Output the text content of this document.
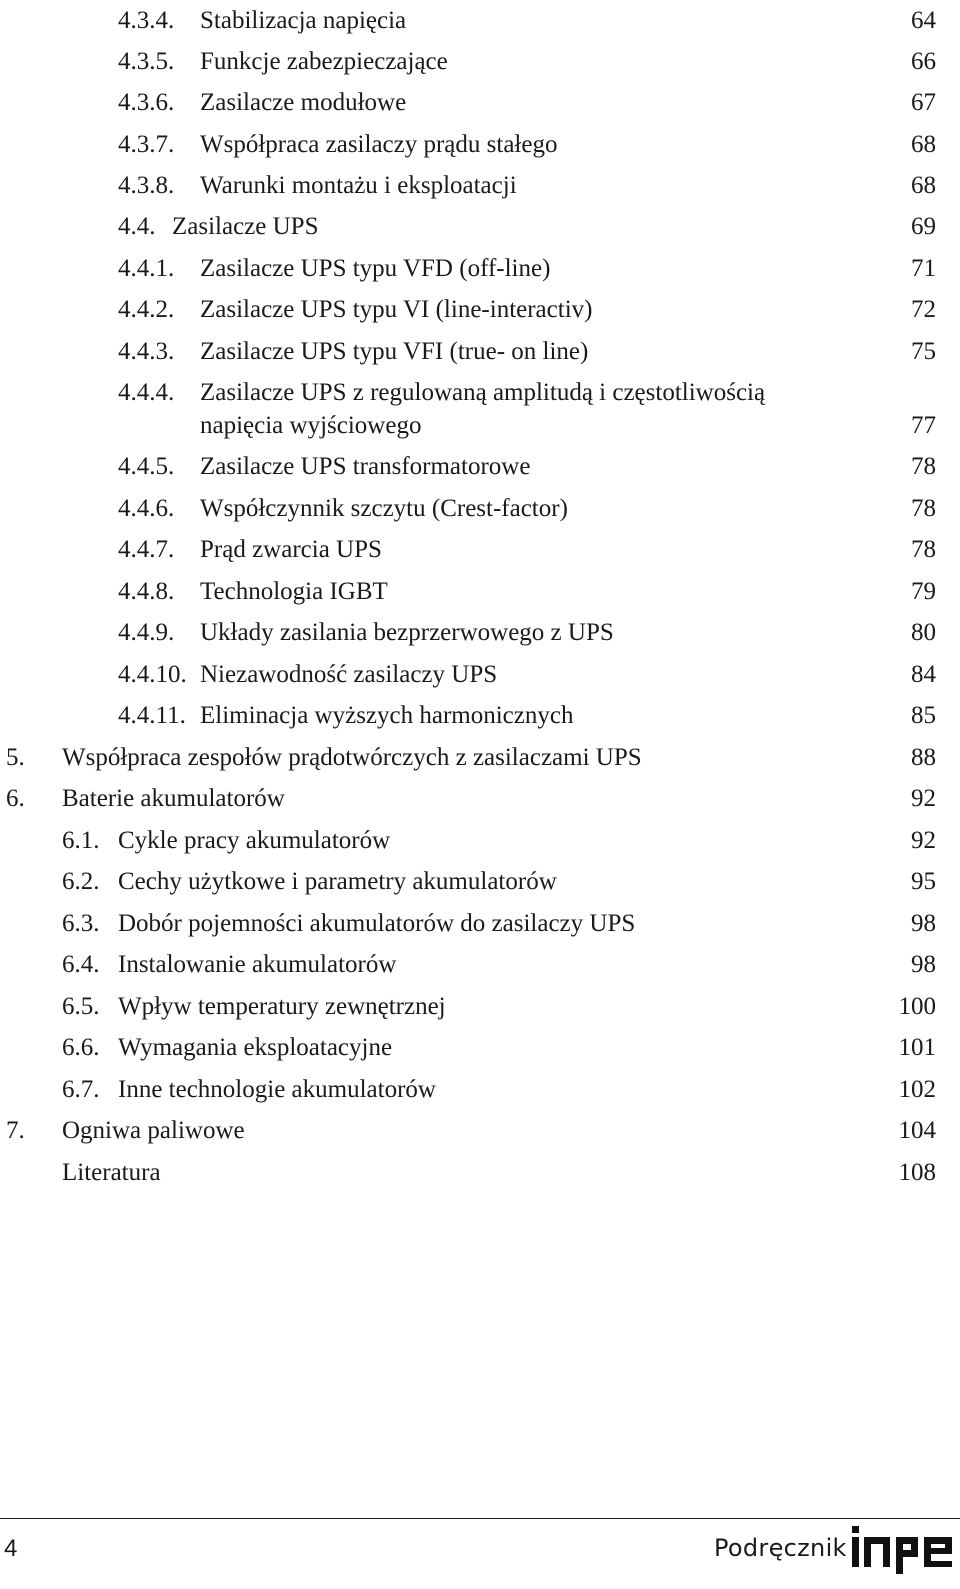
4.3.4. Stabilizacja napięcia	64
4.3.5. Funkcje zabezpieczające	66
4.3.6. Zasilacze modułowe	67
4.3.7. Współpraca zasilaczy prądu stałego	68
4.3.8. Warunki montażu i eksploatacji	68
4.4. Zasilacze UPS	69
4.4.1. Zasilacze UPS typu VFD (off-line)	71
4.4.2. Zasilacze UPS typu VI (line-interactiv)	72
4.4.3. Zasilacze UPS typu VFI (true- on line)	75
4.4.4. Zasilacze UPS z regulowaną amplitudą i częstotliwością
napięcia wyjściowego	77
4.4.5. Zasilacze UPS transformatorowe	78
4.4.6. Współczynnik szczytu (Crest-factor)	78
4.4.7. Prąd zwarcia UPS	78
4.4.8. Technologia IGBT	79
4.4.9. Układy zasilania bezprzerwowego z UPS	80
4.4.10. Niezawodność zasilaczy UPS	84
4.4.11. Eliminacja wyższych harmonicznych	85
5. Współpraca zespołów prądotwórczych z zasilaczami UPS	88
6. Baterie akumulatorów	92
6.1. Cykle pracy akumulatorów	92
6.2. Cechy użytkowe i parametry akumulatorów	95
6.3. Dobór pojemności akumulatorów do zasilaczy UPS	98
6.4. Instalowanie akumulatorów	98
6.5. Wpływ temperatury zewnętrznej	100
6.6. Wymagania eksploatacyjne	101
6.7. Inne technologie akumulatorów	102
7. Ogniwa paliwowe	104
Literatura	108
4	Podręcznik
